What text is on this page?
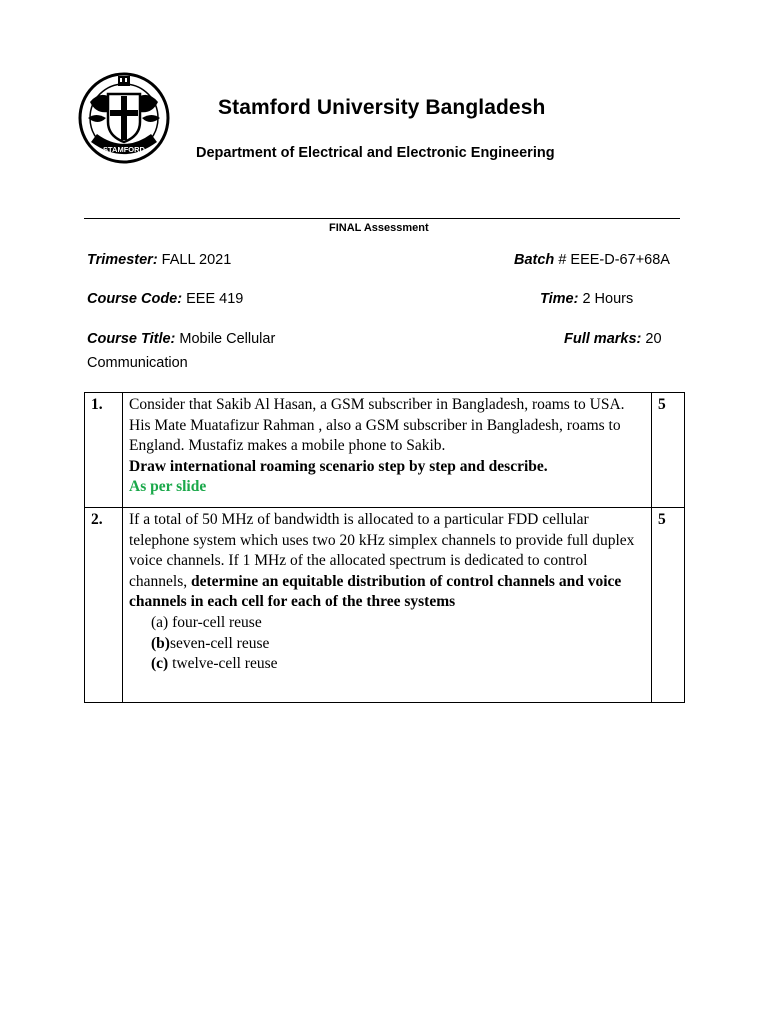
STAMFORD
Stamford University Bangladesh
Department of Electrical and Electronic Engineering
FINAL Assessment
Trimester: FALL 2021	Batch # EEE-D-67+68A
Course Code: EEE 419	Time: 2 Hours
Course Title: Mobile Cellular
Communication
Full marks: 20
1.	Consider that Sakib Al Hasan, a GSM subscriber in Bangladesh, roams to USA. His Mate Muatafizur Rahman , also a GSM subscriber in Bangladesh, roams to England. Mustafiz makes a mobile phone to Sakib.
Draw international roaming scenario step by step and describe.
As per slide	5
2.	If a total of 50 MHz of bandwidth is allocated to a particular FDD cellular telephone system which uses two 20 kHz simplex channels to provide full duplex voice channels. If 1 MHz of the allocated spectrum is dedicated to control channels, determine an equitable distribution of control channels and voice channels in each cell for each of the three systems
(a) four-cell reuse
(b)seven-cell reuse
(c) twelve-cell reuse	5
